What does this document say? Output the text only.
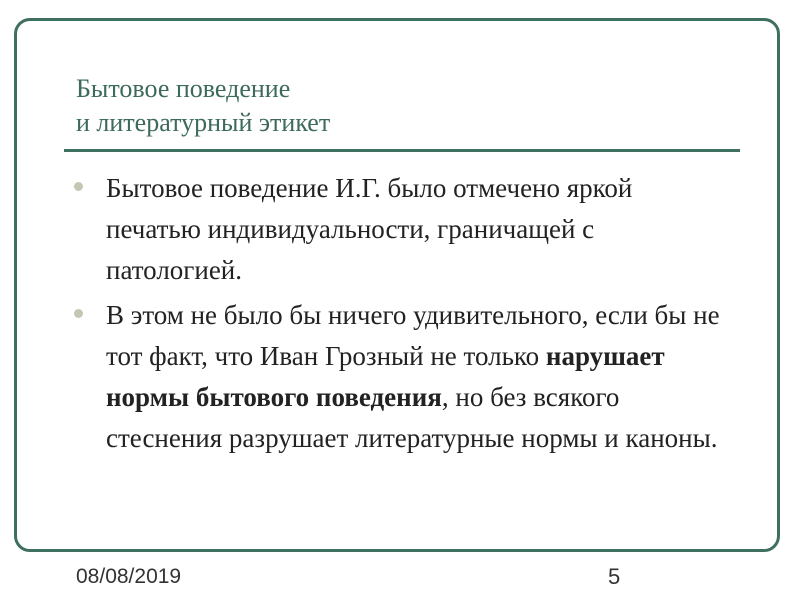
Бытовое поведение
и литературный этикет
Бытовое поведение И.Г. было отмечено яркой печатью индивидуальности, граничащей с патологией.
В этом не было бы ничего удивительного, если бы не тот факт, что Иван Грозный не только нарушает нормы бытового поведения, но без всякого стеснения разрушает литературные нормы и каноны.
08/08/2019	5
